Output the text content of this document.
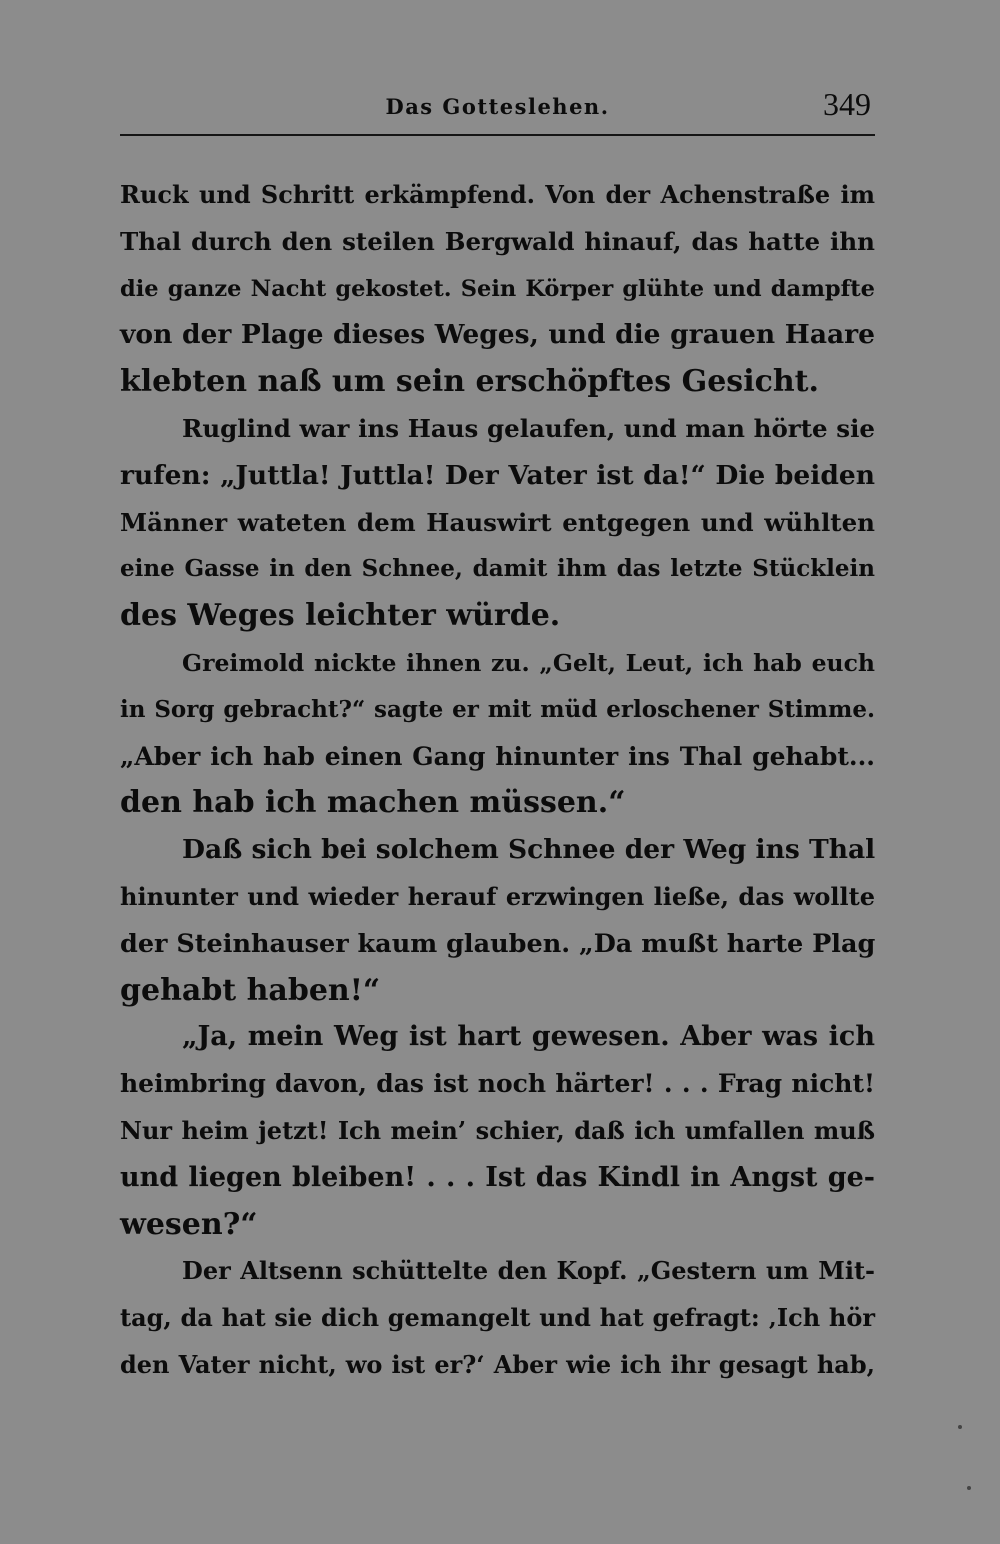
Das Gotteslehen.	349
Ruck und Schritt erkämpfend. Von der Achenstraße im
Thal durch den steilen Bergwald hinauf, das hatte ihn
die ganze Nacht gekostet. Sein Körper glühte und dampfte
von der Plage dieses Weges, und die grauen Haare
klebten naß um sein erschöpftes Gesicht.
Ruglind war ins Haus gelaufen, und man hörte sie
rufen: „Juttla! Juttla! Der Vater ist da!“ Die beiden
Männer wateten dem Hauswirt entgegen und wühlten
eine Gasse in den Schnee, damit ihm das letzte Stücklein
des Weges leichter würde.
Greimold nickte ihnen zu. „Gelt, Leut, ich hab euch
in Sorg gebracht?“ sagte er mit müd erloschener Stimme.
„Aber ich hab einen Gang hinunter ins Thal gehabt...
den hab ich machen müssen.“
Daß sich bei solchem Schnee der Weg ins Thal
hinunter und wieder herauf erzwingen ließe, das wollte
der Steinhauser kaum glauben. „Da mußt harte Plag
gehabt haben!“
„Ja, mein Weg ist hart gewesen. Aber was ich
heimbring davon, das ist noch härter! . . . Frag nicht!
Nur heim jetzt! Ich mein’ schier, daß ich umfallen muß
und liegen bleiben! . . . Ist das Kindl in Angst ge-
wesen?“
Der Altsenn schüttelte den Kopf. „Gestern um Mit-
tag, da hat sie dich gemangelt und hat gefragt: ‚Ich hör
den Vater nicht, wo ist er?‘ Aber wie ich ihr gesagt hab,
